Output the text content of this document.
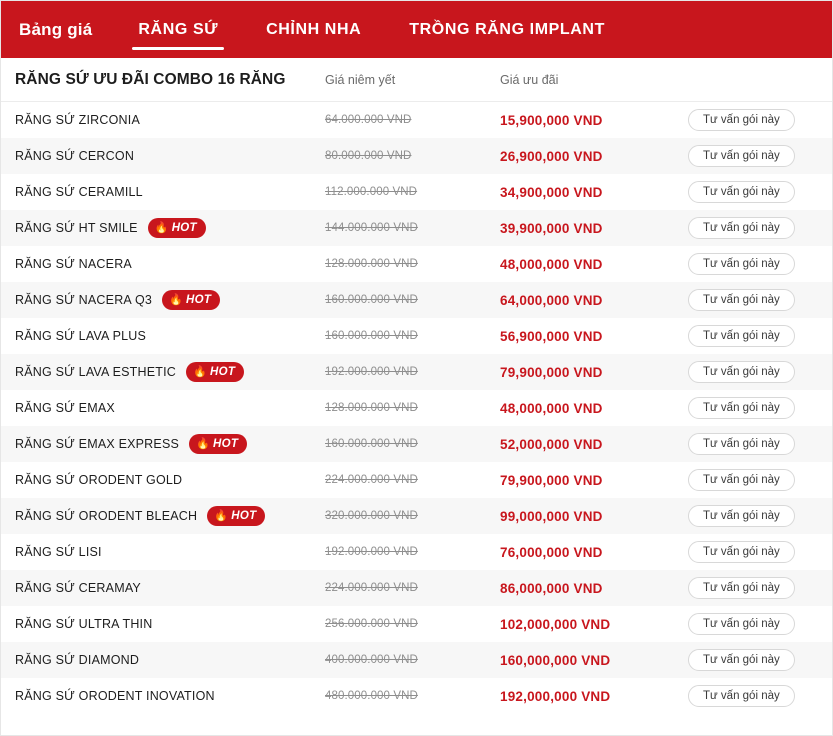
Bảng giá	RĂNG SỨ	CHỈNH NHA	TRỒNG RĂNG IMPLANT
RĂNG SỨ ƯU ĐÃI COMBO 16 RĂNG	Giá niêm yết	Giá ưu đãi
RĂNG SỨ ZIRCONIA	64.000.000 VND	15,900,000 VND	Tư vấn gói này
RĂNG SỨ CERCON	80.000.000 VND	26,900,000 VND	Tư vấn gói này
RĂNG SỨ CERAMILL	112.000.000 VND	34,900,000 VND	Tư vấn gói này
RĂNG SỨ HT SMILE 🔥 HOT	144.000.000 VND	39,900,000 VND	Tư vấn gói này
RĂNG SỨ NACERA	128.000.000 VND	48,000,000 VND	Tư vấn gói này
RĂNG SỨ NACERA Q3 🔥 HOT	160.000.000 VND	64,000,000 VND	Tư vấn gói này
RĂNG SỨ LAVA PLUS	160.000.000 VND	56,900,000 VND	Tư vấn gói này
RĂNG SỨ LAVA ESTHETIC 🔥 HOT	192.000.000 VND	79,900,000 VND	Tư vấn gói này
RĂNG SỨ EMAX	128.000.000 VND	48,000,000 VND	Tư vấn gói này
RĂNG SỨ EMAX EXPRESS 🔥 HOT	160.000.000 VND	52,000,000 VND	Tư vấn gói này
RĂNG SỨ ORODENT GOLD	224.000.000 VND	79,900,000 VND	Tư vấn gói này
RĂNG SỨ ORODENT BLEACH 🔥 HOT	320.000.000 VND	99,000,000 VND	Tư vấn gói này
RĂNG SỨ LISI	192.000.000 VND	76,000,000 VND	Tư vấn gói này
RĂNG SỨ CERAMAY	224.000.000 VND	86,000,000 VND	Tư vấn gói này
RĂNG SỨ ULTRA THIN	256.000.000 VND	102,000,000 VND	Tư vấn gói này
RĂNG SỨ DIAMOND	400.000.000 VND	160,000,000 VND	Tư vấn gói này
RĂNG SỨ ORODENT INOVATION	480.000.000 VND	192,000,000 VND	Tư vấn gói này
